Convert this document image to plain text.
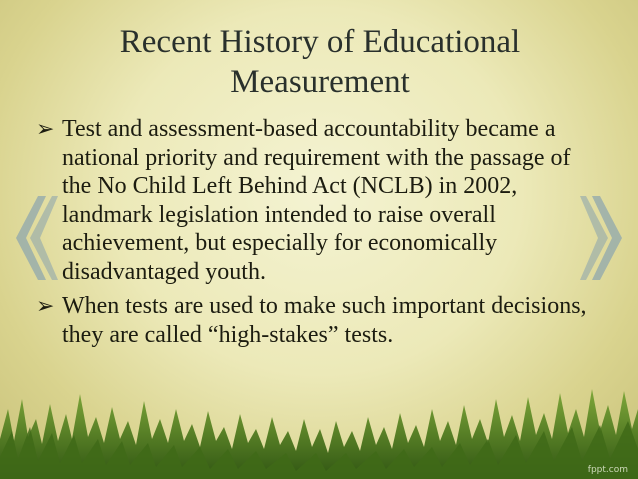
Recent History of Educational
Measurement
➢ Test and assessment-based accountability became a national priority and requirement with the passage of the No Child Left Behind Act (NCLB) in 2002, landmark legislation intended to raise overall achievement, but especially for economically disadvantaged youth.
➢ When tests are used to make such important decisions, they are called “high-stakes” tests.
fppt.com
